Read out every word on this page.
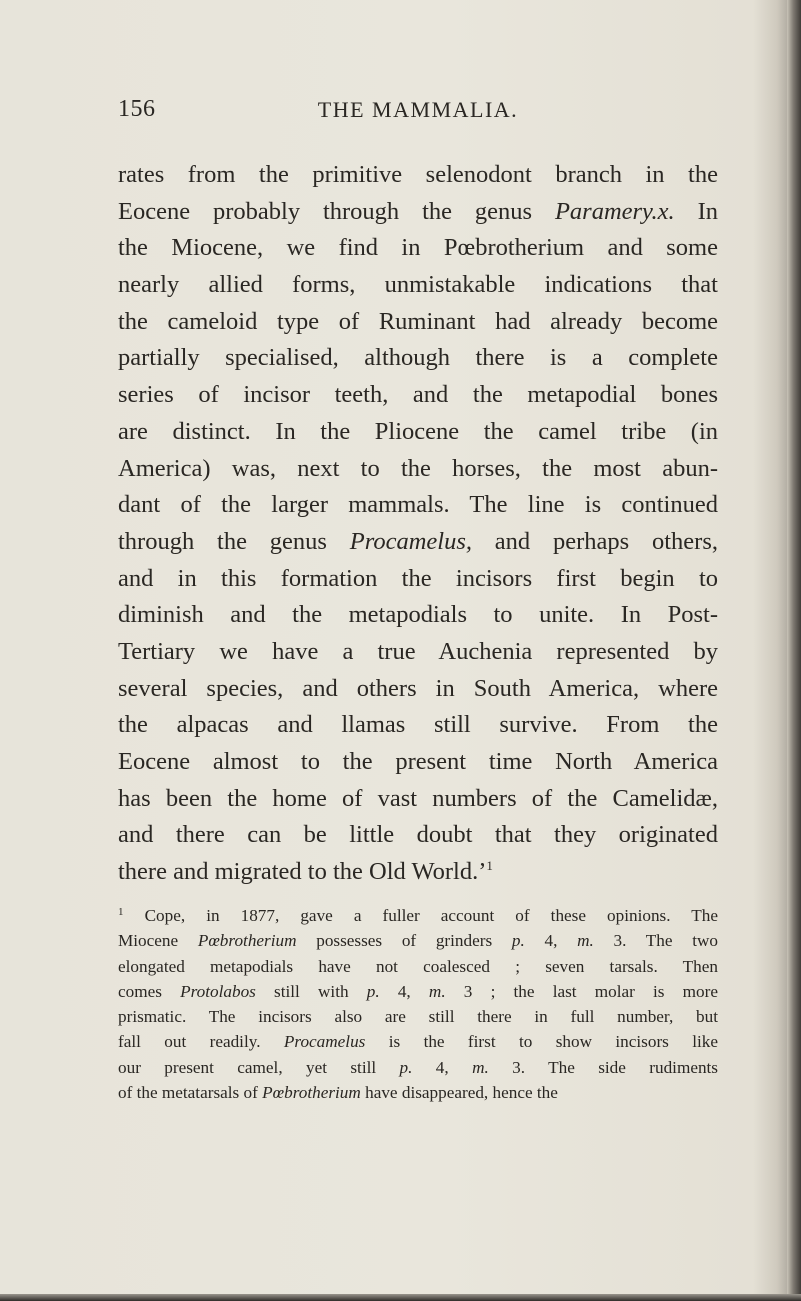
156	THE MAMMALIA.
rates from the primitive selenodont branch in the
Eocene probably through the genus Paramery.x. In
the Miocene, we find in Pœbrotherium and some
nearly allied forms, unmistakable indications that
the cameloid type of Ruminant had already become
partially specialised, although there is a complete
series of incisor teeth, and the metapodial bones
are distinct. In the Pliocene the camel tribe (in
America) was, next to the horses, the most abun-
dant of the larger mammals. The line is continued
through the genus Procamelus, and perhaps others,
and in this formation the incisors first begin to
diminish and the metapodials to unite. In Post-
Tertiary we have a true Auchenia represented by
several species, and others in South America, where
the alpacas and llamas still survive. From the
Eocene almost to the present time North America
has been the home of vast numbers of the Camelidæ,
and there can be little doubt that they originated
there and migrated to the Old World.’$^1$
$^1$ Cope, in 1877, gave a fuller account of these opinions. The
Miocene Pœbrotherium possesses of grinders p. 4, m. 3. The two
elongated metapodials have not coalesced ; seven tarsals. Then
comes Protolabos still with p. 4, m. 3 ; the last molar is more
prismatic. The incisors also are still there in full number, but
fall out readily. Procamelus is the first to show incisors like
our present camel, yet still p. 4, m. 3. The side rudiments
of the metatarsals of Pœbrotherium have disappeared, hence the
